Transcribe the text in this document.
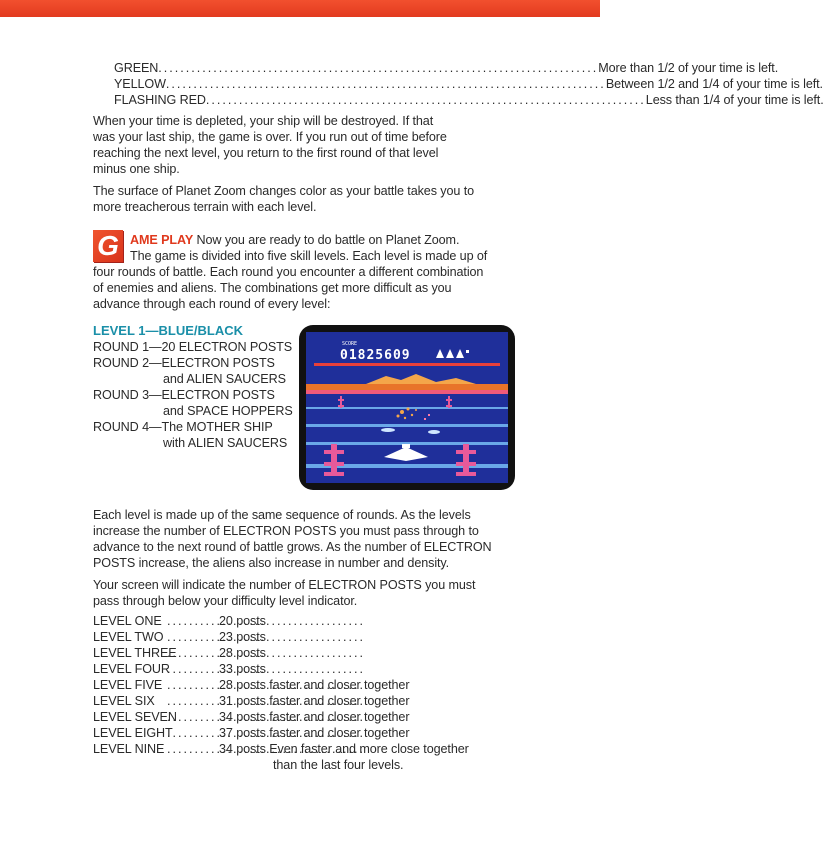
GREEN .....	More than 1/2 of your time is left.
YELLOW .....	Between 1/2 and 1/4 of your time is left.
FLASHING RED .....	Less than 1/4 of your time is left.
When your time is depleted, your ship will be destroyed. If that
was your last ship, the game is over. If you run out of time before
reaching the next level, you return to the first round of that level
minus one ship.
The surface of Planet Zoom changes color as your battle takes you to
more treacherous terrain with each level.
G AME PLAY Now you are ready to do battle on Planet Zoom.
The game is divided into five skill levels. Each level is made up of
four rounds of battle. Each round you encounter a different combination
of enemies and aliens. The combinations get more difficult as you
advance through each round of every level:
LEVEL 1—BLUE/BLACK
ROUND 1—20 ELECTRON POSTS
ROUND 2—ELECTRON POSTS
and ALIEN SAUCERS
ROUND 3—ELECTRON POSTS
and SPACE HOPPERS
ROUND 4—The MOTHER SHIP
with ALIEN SAUCERS
SCORE
01825609
Each level is made up of the same sequence of rounds. As the levels
increase the number of ELECTRON POSTS you must pass through to
advance to the next round of battle grows. As the number of ELECTRON
POSTS increase, the aliens also increase in number and density.
Your screen will indicate the number of ELECTRON POSTS you must
pass through below your difficulty level indicator.
LEVEL ONE .....	20 posts
LEVEL TWO .....	23 posts
LEVEL THREE .....	28 posts
LEVEL FOUR .....	33 posts
LEVEL FIVE .....	28 posts faster and closer together
LEVEL SIX .....	31 posts faster and closer together
LEVEL SEVEN .....	34 posts faster and closer together
LEVEL EIGHT .....	37 posts faster and closer together
LEVEL NINE .....	34 posts Even faster and more close together
than the last four levels.
